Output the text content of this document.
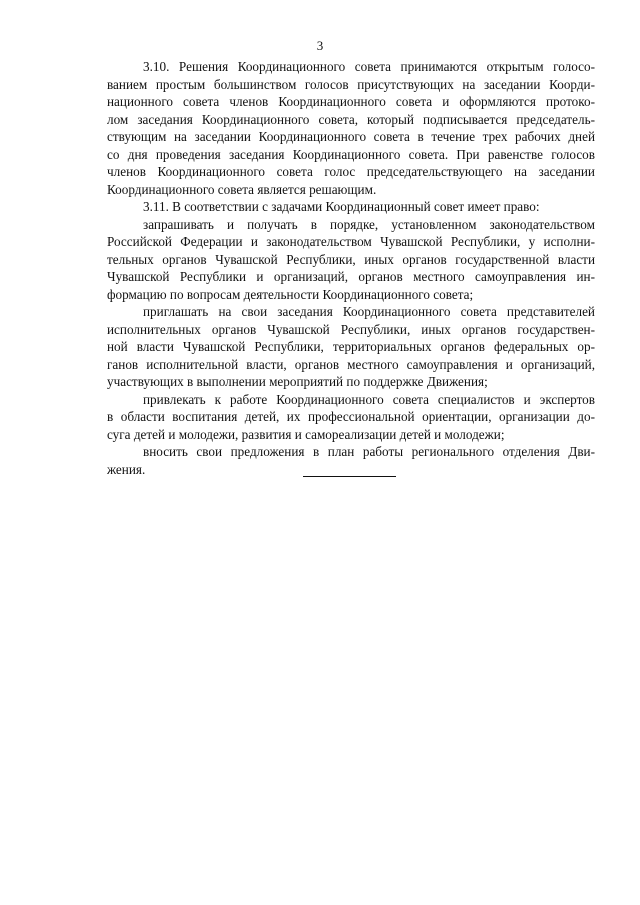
3
3.10. Решения Координационного совета принимаются открытым голосо-
ванием простым большинством голосов присутствующих на заседании Коорди-
национного совета членов Координационного совета и оформляются протоко-
лом заседания Координационного совета, который подписывается председатель-
ствующим на заседании Координационного совета в течение трех рабочих дней
со дня проведения заседания Координационного совета. При равенстве голосов
членов Координационного совета голос председательствующего на заседании
Координационного совета является решающим.
3.11. В соответствии с задачами Координационный совет имеет право:
запрашивать и получать в порядке, установленном законодательством
Российской Федерации и законодательством Чувашской Республики, у исполни-
тельных органов Чувашской Республики, иных органов государственной власти
Чувашской Республики и организаций, органов местного самоуправления ин-
формацию по вопросам деятельности Координационного совета;
приглашать на свои заседания Координационного совета представителей
исполнительных органов Чувашской Республики, иных органов государствен-
ной власти Чувашской Республики, территориальных органов федеральных ор-
ганов исполнительной власти, органов местного самоуправления и организаций,
участвующих в выполнении мероприятий по поддержке Движения;
привлекать к работе Координационного совета специалистов и экспертов
в области воспитания детей, их профессиональной ориентации, организации до-
суга детей и молодежи, развития и самореализации детей и молодежи;
вносить свои предложения в план работы регионального отделения Дви-
жения.
